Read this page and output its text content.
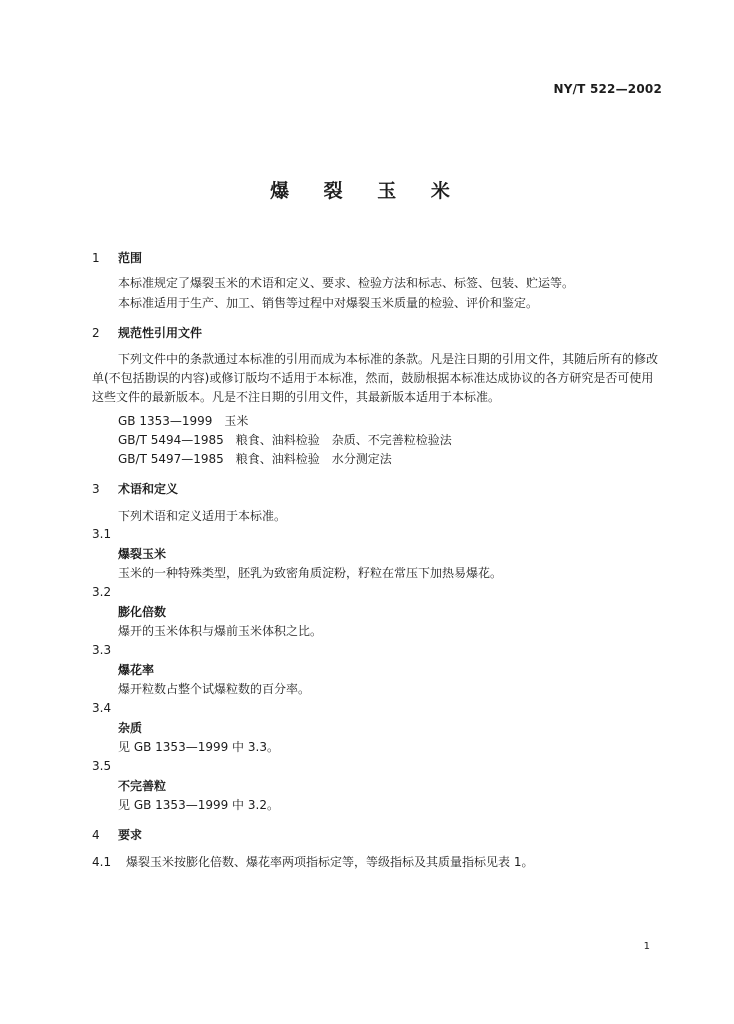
NY/T 522—2002
爆 裂 玉 米
1 范围
本标准规定了爆裂玉米的术语和定义、要求、检验方法和标志、标签、包装、贮运等。
本标准适用于生产、加工、销售等过程中对爆裂玉米质量的检验、评价和鉴定。
2 规范性引用文件
下列文件中的条款通过本标准的引用而成为本标准的条款。凡是注日期的引用文件，其随后所有的修改单(不包括勘误的内容)或修订版均不适用于本标准，然而，鼓励根据本标准达成协议的各方研究是否可使用这些文件的最新版本。凡是不注日期的引用文件，其最新版本适用于本标准。
GB 1353—1999　玉米
GB/T 5494—1985　粮食、油料检验　杂质、不完善粒检验法
GB/T 5497—1985　粮食、油料检验　水分测定法
3 术语和定义
下列术语和定义适用于本标准。
3.1
爆裂玉米
玉米的一种特殊类型，胚乳为致密角质淀粉，籽粒在常压下加热易爆花。
3.2
膨化倍数
爆开的玉米体积与爆前玉米体积之比。
3.3
爆花率
爆开粒数占整个试爆粒数的百分率。
3.4
杂质
见 GB 1353—1999 中 3.3。
3.5
不完善粒
见 GB 1353—1999 中 3.2。
4 要求
4.1 爆裂玉米按膨化倍数、爆花率两项指标定等，等级指标及其质量指标见表 1。
1
